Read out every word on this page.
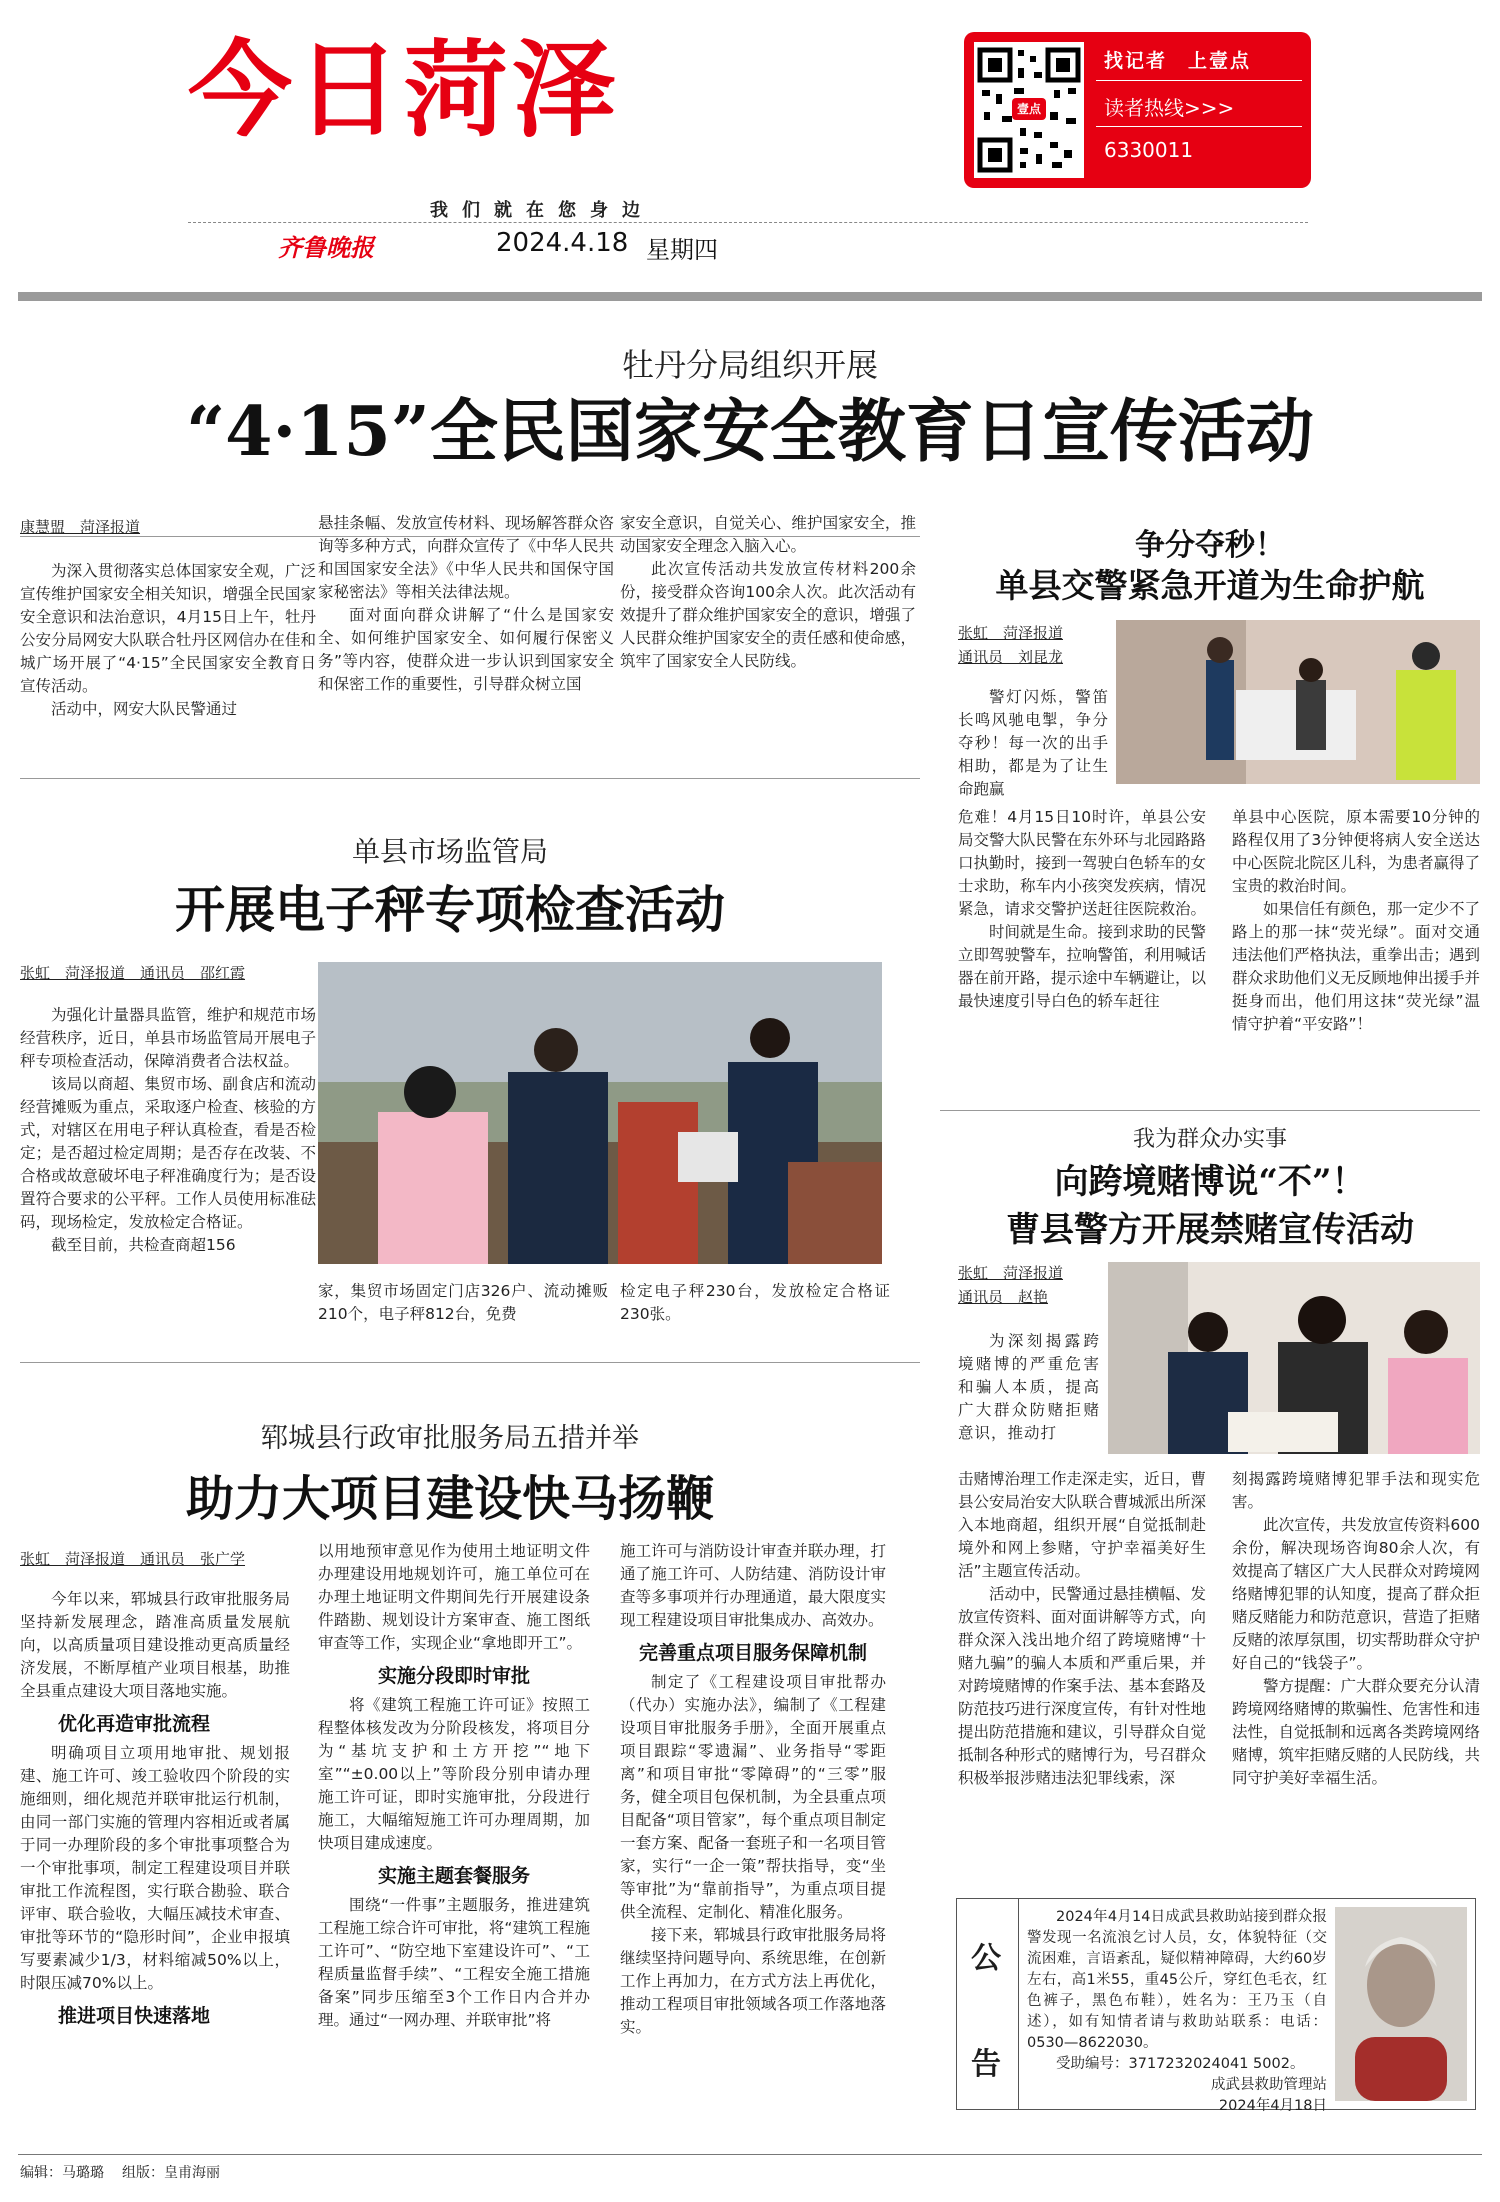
今日菏泽	壹点
找记者　上壹点
读者热线>>>
6330011
我们就在您身边
齐鲁晚报	2024.4.18 星期四
牡丹分局组织开展
“4·15”全民国家安全教育日宣传活动
康慧盟　菏泽报道

为深入贯彻落实总体国家安全观，广泛宣传维护国家安全相关知识，增强全民国家安全意识和法治意识，4月15日上午，牡丹公安分局网安大队联合牡丹区网信办在佳和城广场开展了“4·15”全民国家安全教育日宣传活动。

活动中，网安大队民警通过

悬挂条幅、发放宣传材料、现场解答群众咨询等多种方式，向群众宣传了《中华人民共和国国家安全法》《中华人民共和国保守国家秘密法》等相关法律法规。

面对面向群众讲解了“什么是国家安全、如何维护国家安全、如何履行保密义务”等内容，使群众进一步认识到国家安全和保密工作的重要性，引导群众树立国

家安全意识，自觉关心、维护国家安全，推动国家安全理念入脑入心。

此次宣传活动共发放宣传材料200余份，接受群众咨询100余人次。此次活动有效提升了群众维护国家安全的意识，增强了人民群众维护国家安全的责任感和使命感，筑牢了国家安全人民防线。

争分夺秒！
单县交警紧急开道为生命护航
张虹　菏泽报道
通讯员　刘昆龙
警灯闪烁，警笛长鸣风驰电掣，争分夺秒！每一次的出手相助，都是为了让生命跑赢

危难！4月15日10时许，单县公安局交警大队民警在东外环与北园路路口执勤时，接到一驾驶白色轿车的女士求助，称车内小孩突发疾病，情况紧急，请求交警护送赶往医院救治。

时间就是生命。接到求助的民警立即驾驶警车，拉响警笛，利用喊话器在前开路，提示途中车辆避让，以最快速度引导白色的轿车赶往

单县中心医院，原本需要10分钟的路程仅用了3分钟便将病人安全送达中心医院北院区儿科，为患者赢得了宝贵的救治时间。

如果信任有颜色，那一定少不了路上的那一抹“荧光绿”。面对交通违法他们严格执法，重拳出击；遇到群众求助他们义无反顾地伸出援手并挺身而出，他们用这抹“荧光绿”温情守护着“平安路”！

单县市场监管局
开展电子秤专项检查活动
张虹　菏泽报道　通讯员　邵红霞

为强化计量器具监管，维护和规范市场经营秩序，近日，单县市场监管局开展电子秤专项检查活动，保障消费者合法权益。

该局以商超、集贸市场、副食店和流动经营摊贩为重点，采取逐户检查、核验的方式，对辖区在用电子秤认真检查，看是否检定；是否超过检定周期；是否存在改装、不合格或故意破坏电子秤准确度行为；是否设置符合要求的公平秤。工作人员使用标准砝码，现场检定，发放检定合格证。

截至目前，共检查商超156

家，集贸市场固定门店326户、流动摊贩210个，电子秤812台，免费

检定电子秤230台，发放检定合格证230张。

我为群众办实事
向跨境赌博说“不”！
曹县警方开展禁赌宣传活动
张虹　菏泽报道
通讯员　赵艳
为深刻揭露跨境赌博的严重危害和骗人本质，提高广大群众防赌拒赌意识，推动打

击赌博治理工作走深走实，近日，曹县公安局治安大队联合曹城派出所深入本地商超，组织开展“自觉抵制赴境外和网上参赌，守护幸福美好生活”主题宣传活动。

活动中，民警通过悬挂横幅、发放宣传资料、面对面讲解等方式，向群众深入浅出地介绍了跨境赌博“十赌九骗”的骗人本质和严重后果，并对跨境赌博的作案手法、基本套路及防范技巧进行深度宣传，有针对性地提出防范措施和建议，引导群众自觉抵制各种形式的赌博行为，号召群众积极举报涉赌违法犯罪线索，深

刻揭露跨境赌博犯罪手法和现实危害。

此次宣传，共发放宣传资料600余份，解决现场咨询80余人次，有效提高了辖区广大人民群众对跨境网络赌博犯罪的认知度，提高了群众拒赌反赌能力和防范意识，营造了拒赌反赌的浓厚氛围，切实帮助群众守护好自己的“钱袋子”。

警方提醒：广大群众要充分认清跨境网络赌博的欺骗性、危害性和违法性，自觉抵制和远离各类跨境网络赌博，筑牢拒赌反赌的人民防线，共同守护美好幸福生活。

郓城县行政审批服务局五措并举
助力大项目建设快马扬鞭
张虹　菏泽报道　通讯员　张广学

今年以来，郓城县行政审批服务局坚持新发展理念，踏准高质量发展航向，以高质量项目建设推动更高质量经济发展，不断厚植产业项目根基，助推全县重点建设大项目落地实施。

优化再造审批流程

明确项目立项用地审批、规划报建、施工许可、竣工验收四个阶段的实施细则，细化规范并联审批运行机制，由同一部门实施的管理内容相近或者属于同一办理阶段的多个审批事项整合为一个审批事项，制定工程建设项目并联审批工作流程图，实行联合勘验、联合评审、联合验收，大幅压减技术审查、审批等环节的“隐形时间”，企业申报填写要素减少1/3，材料缩减50%以上，时限压减70%以上。

推进项目快速落地

以用地预审意见作为使用土地证明文件办理建设用地规划许可，施工单位可在办理土地证明文件期间先行开展建设条件踏勘、规划设计方案审查、施工图纸审查等工作，实现企业“拿地即开工”。

实施分段即时审批

将《建筑工程施工许可证》按照工程整体核发改为分阶段核发，将项目分为“基坑支护和土方开挖”“地下室”“±0.00以上”等阶段分别申请办理施工许可证，即时实施审批，分段进行施工，大幅缩短施工许可办理周期，加快项目建成速度。

实施主题套餐服务

围绕“一件事”主题服务，推进建筑工程施工综合许可审批，将“建筑工程施工许可”、“防空地下室建设许可”、“工程质量监督手续”、“工程安全施工措施备案”同步压缩至3个工作日内合并办理。通过“一网办理、并联审批”将

施工许可与消防设计审查并联办理，打通了施工许可、人防结建、消防设计审查等多事项并行办理通道，最大限度实现工程建设项目审批集成办、高效办。

完善重点项目服务保障机制

制定了《工程建设项目审批帮办（代办）实施办法》，编制了《工程建设项目审批服务手册》，全面开展重点项目跟踪“零遗漏”、业务指导“零距离”和项目审批“零障碍”的“三零”服务，健全项目包保机制，为全县重点项目配备“项目管家”，每个重点项目制定一套方案、配备一套班子和一名项目管家，实行“一企一策”帮扶指导，变“坐等审批”为“靠前指导”，为重点项目提供全流程、定制化、精准化服务。

接下来，郓城县行政审批服务局将继续坚持问题导向、系统思维，在创新工作上再加力，在方式方法上再优化，推动工程项目审批领域各项工作落地落实。

公
告
2024年4月14日成武县救助站接到群众报警发现一名流浪乞讨人员，女，体貌特征（交流困难，言语紊乱，疑似精神障碍，大约60岁左右，高1米55，重45公斤，穿红色毛衣，红色裤子，黑色布鞋），姓名为：王乃玉（自述），如有知情者请与救助站联系：电话：0530—8622030。
受助编号：3717232024041 5002。
成武县救助管理站
2024年4月18日
编辑：马璐璐 组版：皇甫海丽
